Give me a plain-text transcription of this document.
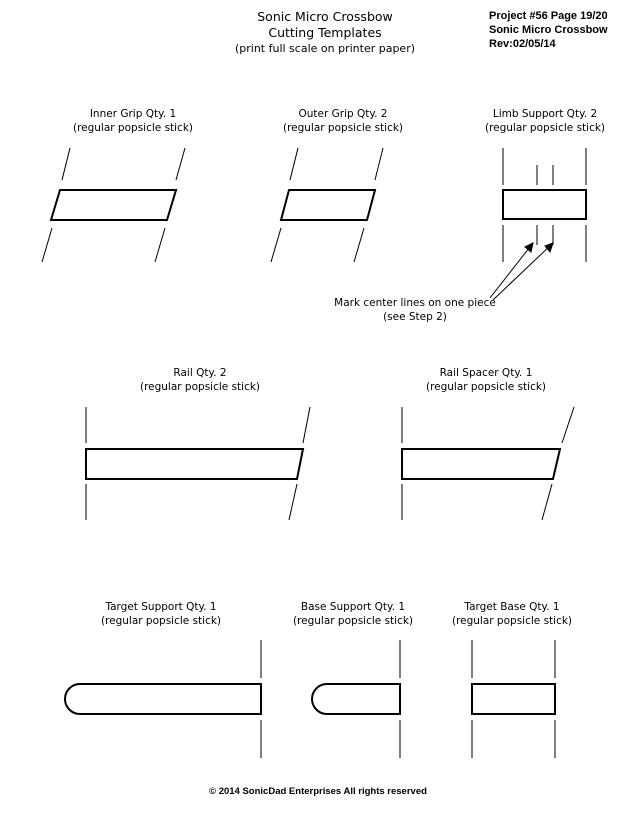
Sonic Micro Crossbow
Cutting Templates
(print full scale on printer paper)
Project #56 Page 19/20
Sonic Micro Crossbow
Rev:02/05/14
Inner Grip Qty. 1
(regular popsicle stick)
Outer Grip Qty. 2
(regular popsicle stick)
Limb Support Qty. 2
(regular popsicle stick)
Mark center lines on one piece
(see Step 2)
Rail Qty. 2
(regular popsicle stick)
Rail Spacer Qty. 1
(regular popsicle stick)
Target Support Qty. 1
(regular popsicle stick)
Base Support Qty. 1
(regular popsicle stick)
Target Base Qty. 1
(regular popsicle stick)
© 2014 SonicDad Enterprises All rights reserved
